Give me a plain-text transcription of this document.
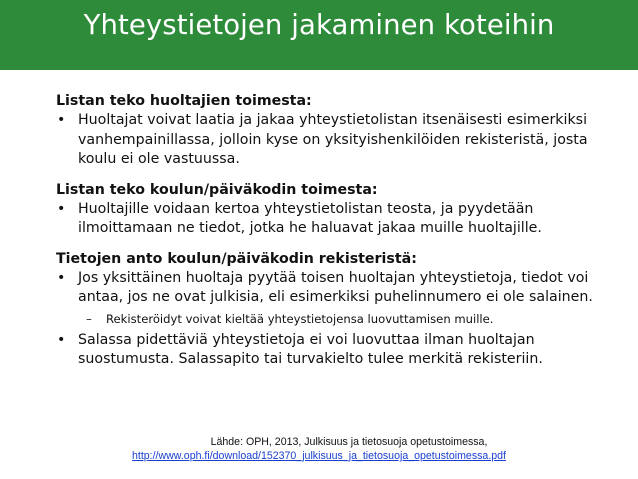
Yhteystietojen jakaminen koteihin

Listan teko huoltajien toimesta:

• Huoltajat voivat laatia ja jakaa yhteystietolistan itsenäisesti esimerkiksi
vanhempainillassa, jolloin kyse on yksityishenkilöiden rekisteristä, josta
koulu ei ole vastuussa.

Listan teko koulun/päiväkodin toimesta:

• Huoltajille voidaan kertoa yhteystietolistan teosta, ja pyydetään
ilmoittamaan ne tiedot, jotka he haluavat jakaa muille huoltajille.

Tietojen anto koulun/päiväkodin rekisteristä:

• Jos yksittäinen huoltaja pyytää toisen huoltajan yhteystietoja, tiedot voi
antaa, jos ne ovat julkisia, eli esimerkiksi puhelinnumero ei ole salainen.
– Rekisteröidyt voivat kieltää yhteystietojensa luovuttamisen muille.
• Salassa pidettäviä yhteystietoja ei voi luovuttaa ilman huoltajan
suostumusta. Salassapito tai turvakielto tulee merkitä rekisteriin.
Lähde: OPH, 2013, Julkisuus ja tietosuoja opetustoimessa,
http://www.oph.fi/download/152370_julkisuus_ja_tietosuoja_opetustoimessa.pdf
